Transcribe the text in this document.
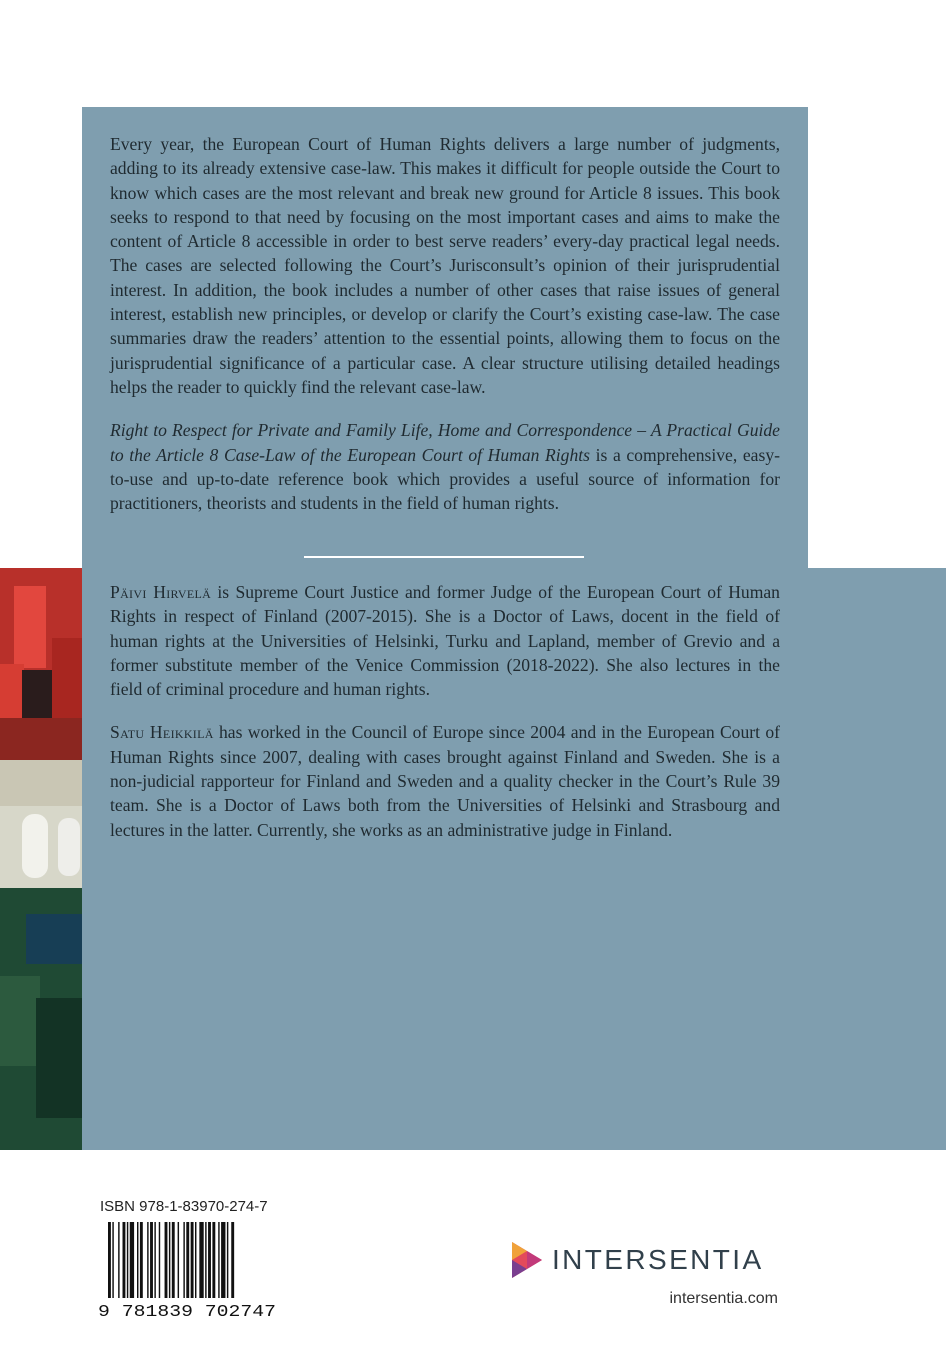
Every year, the European Court of Human Rights delivers a large number of judgments, adding to its already extensive case-law. This makes it difficult for people outside the Court to know which cases are the most relevant and break new ground for Article 8 issues. This book seeks to respond to that need by focusing on the most important cases and aims to make the content of Article 8 accessible in order to best serve readers’ every-day practical legal needs. The cases are selected following the Court’s Jurisconsult’s opinion of their jurisprudential interest. In addition, the book includes a number of other cases that raise issues of general interest, establish new principles, or develop or clarify the Court’s existing case-law. The case summaries draw the readers’ attention to the essential points, allowing them to focus on the jurisprudential significance of a particular case. A clear structure utilising detailed headings helps the reader to quickly find the relevant case-law.

Right to Respect for Private and Family Life, Home and Correspondence – A Practical Guide to the Article 8 Case-Law of the European Court of Human Rights is a comprehensive, easy-to-use and up-to-date reference book which provides a useful source of information for practitioners, theorists and students in the field of human rights.

Päivi Hirvelä is Supreme Court Justice and former Judge of the European Court of Human Rights in respect of Finland (2007-2015). She is a Doctor of Laws, docent in the field of human rights at the Universities of Helsinki, Turku and Lapland, member of Grevio and a former substitute member of the Venice Commission (2018-2022). She also lectures in the field of criminal procedure and human rights.

Satu Heikkilä has worked in the Council of Europe since 2004 and in the European Court of Human Rights since 2007, dealing with cases brought against Finland and Sweden. She is a non-judicial rapporteur for Finland and Sweden and a quality checker in the Court’s Rule 39 team. She is a Doctor of Laws both from the Universities of Helsinki and Strasbourg and lectures in the latter. Currently, she works as an administrative judge in Finland.

ISBN 978-1-83970-274-7
9 781839 702747
INTERSENTIA
intersentia.com
